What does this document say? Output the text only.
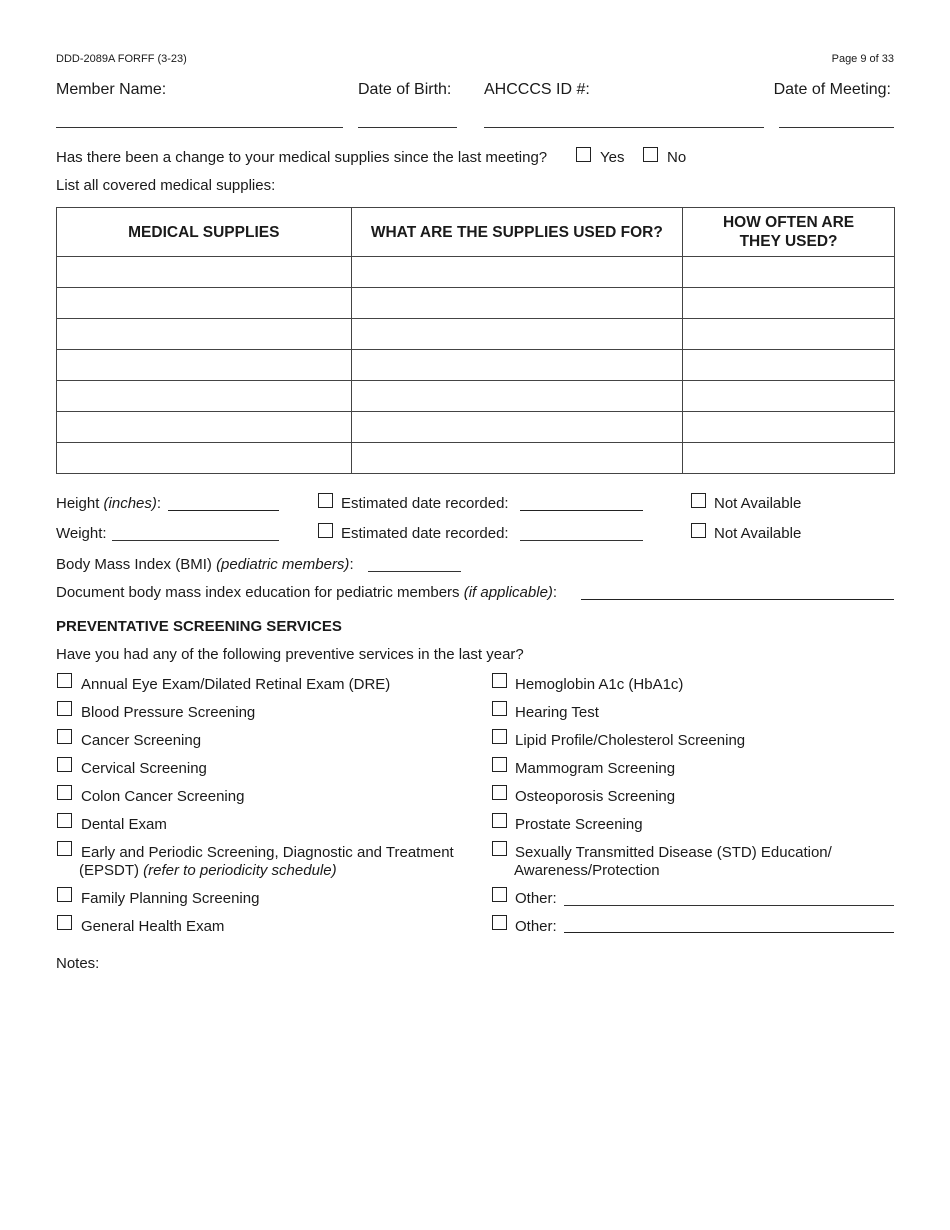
DDD-2089A FORFF (3-23)	Page 9 of 33
Member Name:	Date of Birth: AHCCCS ID #:	Date of Meeting:
Has there been a change to your medical supplies since the last meeting?	Yes	No
List all covered medical supplies:
MEDICAL SUPPLIES	WHAT ARE THE SUPPLIES USED FOR?	HOW OFTEN ARE THEY USED?

Height (inches):	Estimated date recorded:	Not Available
Weight:	Estimated date recorded:	Not Available
Body Mass Index (BMI) (pediatric members):
Document body mass index education for pediatric members (if applicable):
PREVENTATIVE SCREENING SERVICES
Have you had any of the following preventive services in the last year?
Annual Eye Exam/Dilated Retinal Exam (DRE)
Blood Pressure Screening
Cancer Screening
Cervical Screening
Colon Cancer Screening
Dental Exam
Early and Periodic Screening, Diagnostic and Treatment
(EPSDT) (refer to periodicity schedule)
Family Planning Screening
General Health Exam
Hemoglobin A1c (HbA1c)
Hearing Test
Lipid Profile/Cholesterol Screening
Mammogram Screening
Osteoporosis Screening
Prostate Screening
Sexually Transmitted Disease (STD) Education/
Awareness/Protection
Other:
Other:
Notes:
